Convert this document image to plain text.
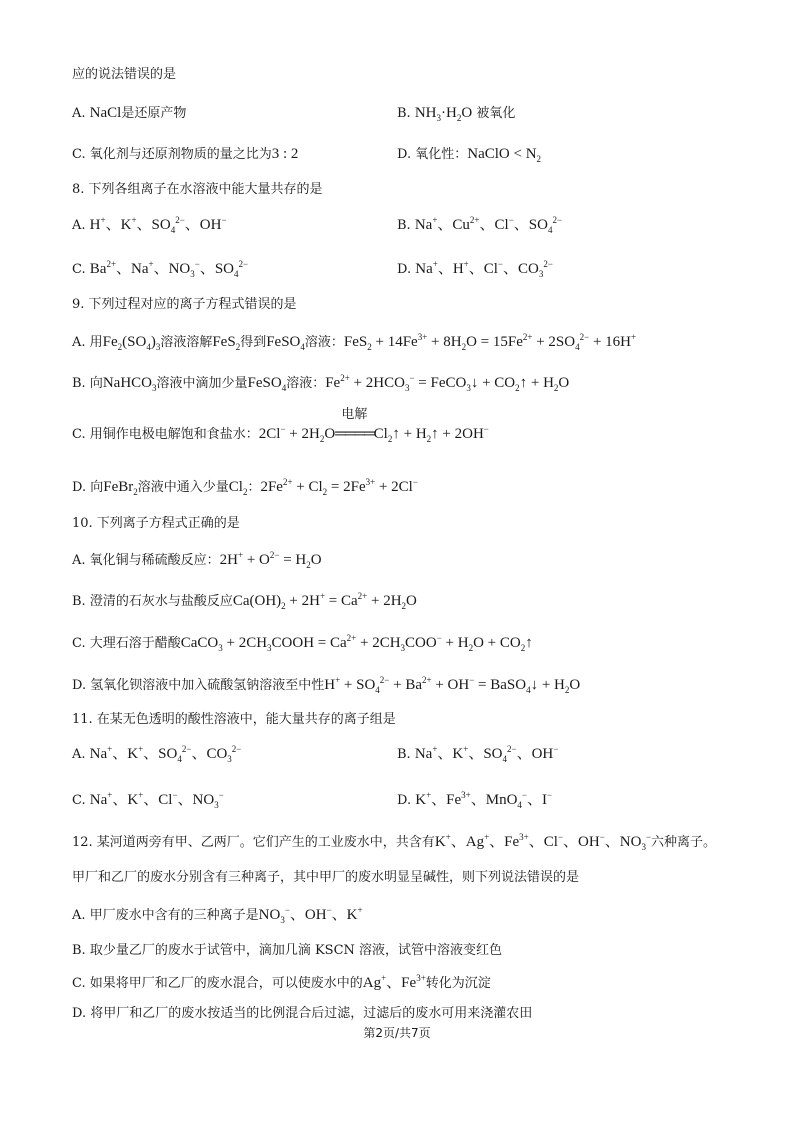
应的说法错误的是
A. NaCl是还原产物	B. $NH_3\cdot H_2O$ 被氧化
C. 氧化剂与还原剂物质的量之比为3 : 2	D. 氧化性：NaClO < $N_2$
8. 下列各组离子在水溶液中能大量共存的是
A. H+、K+、$SO_4^{2-}$、OH−	B. Na+、$Cu^{2+}$、Cl−、$SO_4^{2-}$
C. $Ba^{2+}$、Na+、$NO_3^-$、$SO_4^{2-}$	D. Na+、H+、Cl−、$CO_3^{2-}$
9. 下列过程对应的离子方程式错误的是
A. 用$Fe_2(SO_4)_3$溶液溶解FeS$_2$得到FeSO$_4$溶液：$FeS_2 + 14Fe^{3+} + 8H_2O = 15Fe^{2+} + 2SO_4^{2-} + 16H^+$
B. 向NaHCO$_3$溶液中滴加少量FeSO$_4$溶液：$Fe^{2+} + 2HCO_3^-$ = FeCO$_3$↓ + $CO_2↑ + H_2O$
C. 用铜作电极电解饱和食盐水：$2Cl^- + 2H_2O$
电解
$════Cl_2↑$ + $H_2↑ + 2OH^-$
D. 向FeBr$_2$溶液中通入少量$Cl_2$：$2Fe^{2+} + Cl_2 = 2Fe^{3+} + 2Cl^-$
10. 下列离子方程式正确的是
A. 氧化铜与稀硫酸反应：$2H^+ + O^{2-} = H_2O$
B. 澄清的石灰水与盐酸反应$Ca(OH)_2 + 2H^+ = Ca^{2+} + 2H_2O$
C. 大理石溶于醋酸CaCO$_3$ + $2CH_3COOH = Ca^{2+} + 2CH_3COO^- + H_2O$ + $CO_2↑$
D. 氢氧化钡溶液中加入硫酸氢钠溶液至中性$H^+ + SO_4^{2-} + Ba^{2+} + OH^-$ = BaSO$_4$↓ + $H_2O$
11. 在某无色透明的酸性溶液中，能大量共存的离子组是
A. Na+、K+、$SO_4^{2-}$、$CO_3^{2-}$	B. Na+、K+、$SO_4^{2-}$、OH−
C. Na+、K+、Cl−、$NO_3^-$	D. K+、$Fe^{3+}$、MnO$_4$−、I−
12. 某河道两旁有甲、乙两厂。它们产生的工业废水中，共含有K+、Ag+、$Fe^{3+}$、Cl−、OH−、$NO_3^-$六种离子。
甲厂和乙厂的废水分别含有三种离子，其中甲厂的废水明显呈碱性，则下列说法错误的是
A. 甲厂废水中含有的三种离子是$NO_3^-$、OH−、K+
B. 取少量乙厂的废水于试管中，滴加几滴 KSCN 溶液，试管中溶液变红色
C. 如果将甲厂和乙厂的废水混合，可以使废水中的Ag+、$Fe^{3+}$转化为沉淀
D. 将甲厂和乙厂的废水按适当的比例混合后过滤，过滤后的废水可用来浇灌农田
第2页/共7页
